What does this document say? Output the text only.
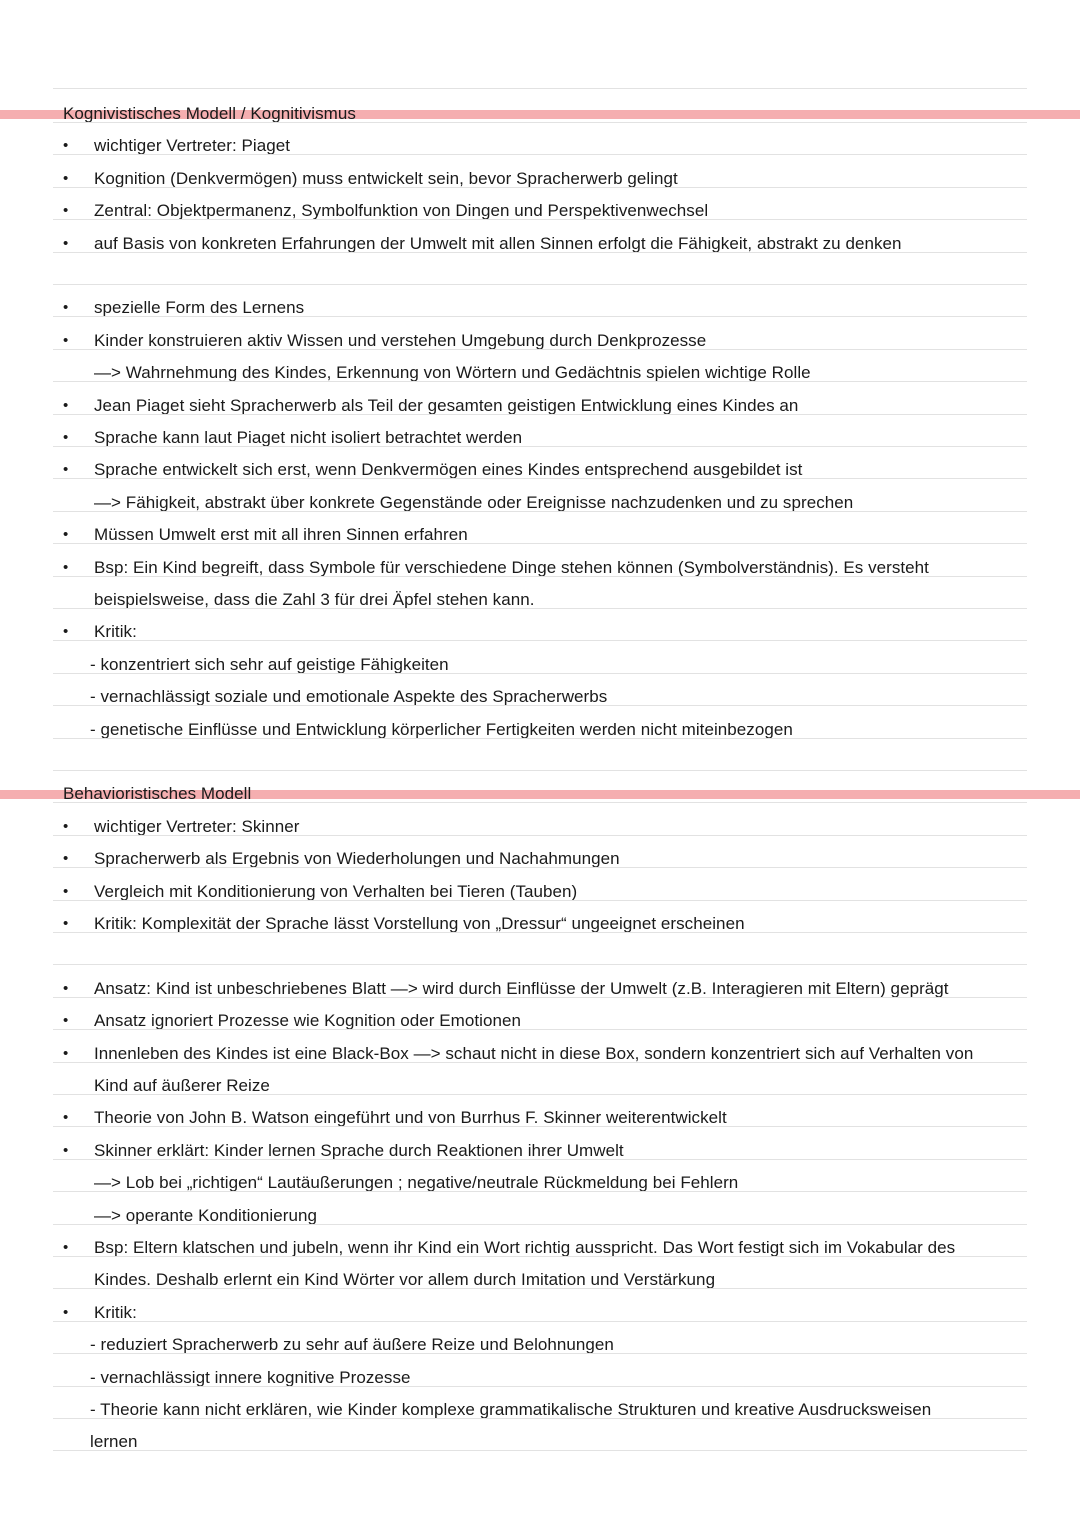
Kognivistisches Modell / Kognitivismus
•	wichtiger Vertreter: Piaget
•	Kognition (Denkvermögen) muss entwickelt sein, bevor Spracherwerb gelingt
•	Zentral: Objektpermanenz, Symbolfunktion von Dingen und Perspektivenwechsel
•	auf Basis von konkreten Erfahrungen der Umwelt mit allen Sinnen erfolgt die Fähigkeit, abstrakt zu denken
•	spezielle Form des Lernens
•	Kinder konstruieren aktiv Wissen und verstehen Umgebung durch Denkprozesse
—> Wahrnehmung des Kindes, Erkennung von Wörtern und Gedächtnis spielen wichtige Rolle
•	Jean Piaget sieht Spracherwerb als Teil der gesamten geistigen Entwicklung eines Kindes an
•	Sprache kann laut Piaget nicht isoliert betrachtet werden
•	Sprache entwickelt sich erst, wenn Denkvermögen eines Kindes entsprechend ausgebildet ist
—> Fähigkeit, abstrakt über konkrete Gegenstände oder Ereignisse nachzudenken und zu sprechen
•	Müssen Umwelt erst mit all ihren Sinnen erfahren
•	Bsp: Ein Kind begreift, dass Symbole für verschiedene Dinge stehen können (Symbolverständnis). Es versteht
beispielsweise, dass die Zahl 3 für drei Äpfel stehen kann.
•	Kritik:
- konzentriert sich sehr auf geistige Fähigkeiten
- vernachlässigt soziale und emotionale Aspekte des Spracherwerbs
- genetische Einflüsse und Entwicklung körperlicher Fertigkeiten werden nicht miteinbezogen
Behavioristisches Modell
•	wichtiger Vertreter: Skinner
•	Spracherwerb als Ergebnis von Wiederholungen und Nachahmungen
•	Vergleich mit Konditionierung von Verhalten bei Tieren (Tauben)
•	Kritik: Komplexität der Sprache lässt Vorstellung von „Dressur“ ungeeignet erscheinen
•	Ansatz: Kind ist unbeschriebenes Blatt —> wird durch Einflüsse der Umwelt (z.B. Interagieren mit Eltern) geprägt
•	Ansatz ignoriert Prozesse wie Kognition oder Emotionen
•	Innenleben des Kindes ist eine Black-Box —> schaut nicht in diese Box, sondern konzentriert sich auf Verhalten von
Kind auf äußerer Reize
•	Theorie von John B. Watson eingeführt und von Burrhus F. Skinner weiterentwickelt
•	Skinner erklärt: Kinder lernen Sprache durch Reaktionen ihrer Umwelt
—> Lob bei „richtigen“ Lautäußerungen ; negative/neutrale Rückmeldung bei Fehlern
—> operante Konditionierung
•	Bsp: Eltern klatschen und jubeln, wenn ihr Kind ein Wort richtig ausspricht. Das Wort festigt sich im Vokabular des
Kindes. Deshalb erlernt ein Kind Wörter vor allem durch Imitation und Verstärkung
•	Kritik:
- reduziert Spracherwerb zu sehr auf äußere Reize und Belohnungen
- vernachlässigt innere kognitive Prozesse
- Theorie kann nicht erklären, wie Kinder komplexe grammatikalische Strukturen und kreative Ausdrucksweisen
lernen
